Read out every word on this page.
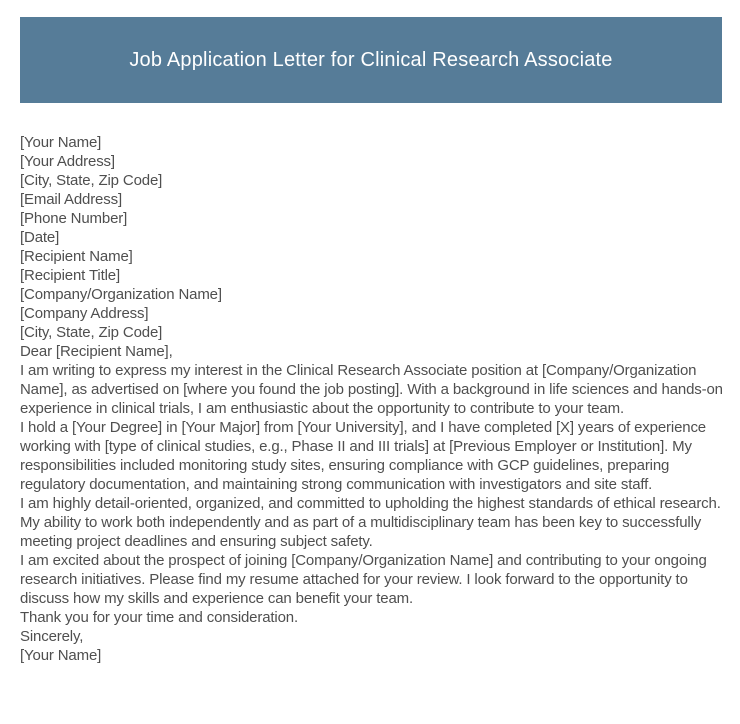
Job Application Letter for Clinical Research Associate
[Your Name]
[Your Address]
[City, State, Zip Code]
[Email Address]
[Phone Number]
[Date]
[Recipient Name]
[Recipient Title]
[Company/Organization Name]
[Company Address]
[City, State, Zip Code]
Dear [Recipient Name],
I am writing to express my interest in the Clinical Research Associate position at [Company/Organization Name], as advertised on [where you found the job posting]. With a background in life sciences and hands-on experience in clinical trials, I am enthusiastic about the opportunity to contribute to your team.
I hold a [Your Degree] in [Your Major] from [Your University], and I have completed [X] years of experience working with [type of clinical studies, e.g., Phase II and III trials] at [Previous Employer or Institution]. My responsibilities included monitoring study sites, ensuring compliance with GCP guidelines, preparing regulatory documentation, and maintaining strong communication with investigators and site staff.
I am highly detail-oriented, organized, and committed to upholding the highest standards of ethical research. My ability to work both independently and as part of a multidisciplinary team has been key to successfully meeting project deadlines and ensuring subject safety.
I am excited about the prospect of joining [Company/Organization Name] and contributing to your ongoing research initiatives. Please find my resume attached for your review. I look forward to the opportunity to discuss how my skills and experience can benefit your team.
Thank you for your time and consideration.
Sincerely,
[Your Name]
